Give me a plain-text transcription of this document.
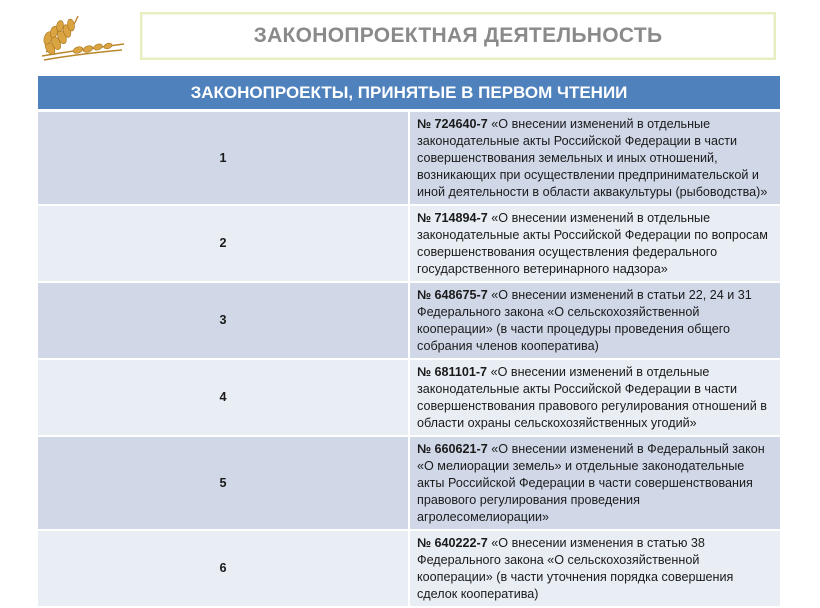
ЗАКОНОПРОЕКТНАЯ ДЕЯТЕЛЬНОСТЬ
ЗАКОНОПРОЕКТЫ, ПРИНЯТЫЕ В ПЕРВОМ ЧТЕНИИ	
1	№ 724640-7 «О внесении изменений в отдельные законодательные акты Российской Федерации в части совершенствования земельных и иных отношений, возникающих при осуществлении предпринимательской и иной деятельности в области аквакультуры (рыбоводства)»
2	№ 714894-7 «О внесении изменений в отдельные законодательные акты Российской Федерации по вопросам совершенствования осуществления федерального государственного ветеринарного надзора»
3	№ 648675-7 «О внесении изменений в статьи 22, 24 и 31 Федерального закона «О сельскохозяйственной кооперации» (в части процедуры проведения общего собрания членов кооператива)
4	№ 681101-7 «О внесении изменений в отдельные законодательные акты Российской Федерации в части совершенствования правового регулирования отношений в области охраны сельскохозяйственных угодий»
5	№ 660621-7 «О внесении изменений в Федеральный закон «О мелиорации земель» и отдельные законодательные акты Российской Федерации в части совершенствования правового регулирования проведения агролесомелиорации»
6	№ 640222-7 «О внесении изменения в статью 38 Федерального закона «О сельскохозяйственной кооперации» (в части уточнения порядка совершения сделок кооператива)
